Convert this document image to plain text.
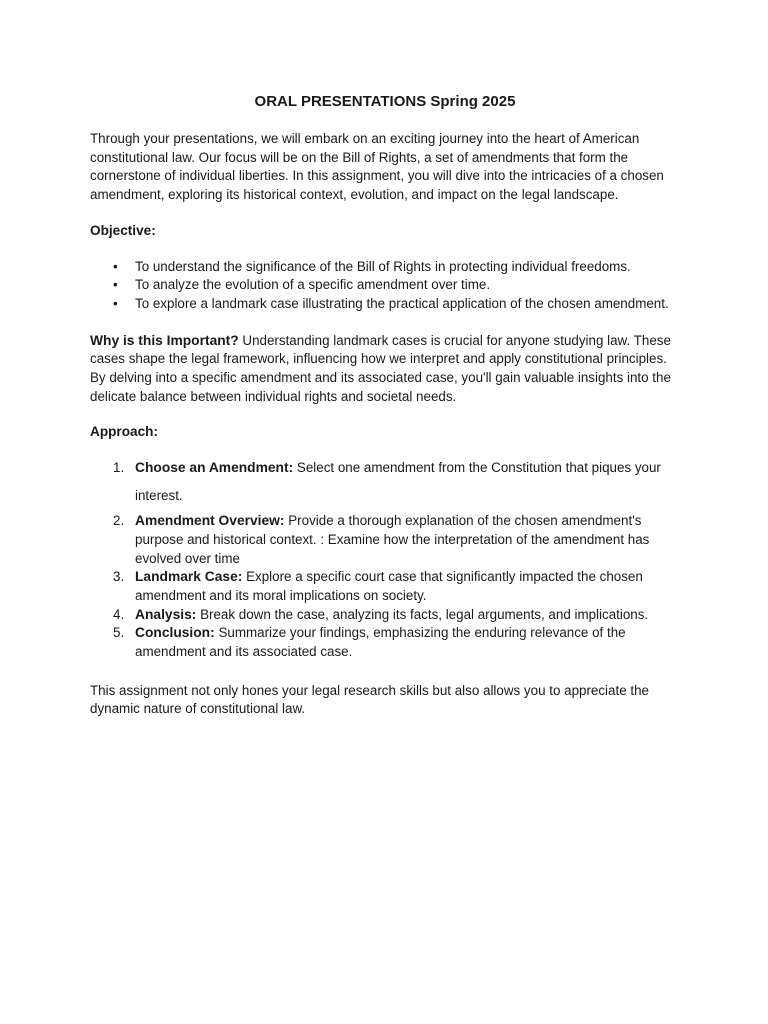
ORAL PRESENTATIONS Spring 2025

Through your presentations, we will embark on an exciting journey into the heart of American constitutional law. Our focus will be on the Bill of Rights, a set of amendments that form the cornerstone of individual liberties. In this assignment, you will dive into the intricacies of a chosen amendment, exploring its historical context, evolution, and impact on the legal landscape.

Objective:

• To understand the significance of the Bill of Rights in protecting individual freedoms.
• To analyze the evolution of a specific amendment over time.
• To explore a landmark case illustrating the practical application of the chosen amendment.

Why is this Important? Understanding landmark cases is crucial for anyone studying law. These cases shape the legal framework, influencing how we interpret and apply constitutional principles. By delving into a specific amendment and its associated case, you'll gain valuable insights into the delicate balance between individual rights and societal needs.

Approach:

1. Choose an Amendment: Select one amendment from the Constitution that piques your interest.
2. Amendment Overview: Provide a thorough explanation of the chosen amendment's purpose and historical context. : Examine how the interpretation of the amendment has evolved over time
3. Landmark Case: Explore a specific court case that significantly impacted the chosen amendment and its moral implications on society.
4. Analysis: Break down the case, analyzing its facts, legal arguments, and implications.
5. Conclusion: Summarize your findings, emphasizing the enduring relevance of the amendment and its associated case.

This assignment not only hones your legal research skills but also allows you to appreciate the dynamic nature of constitutional law.
